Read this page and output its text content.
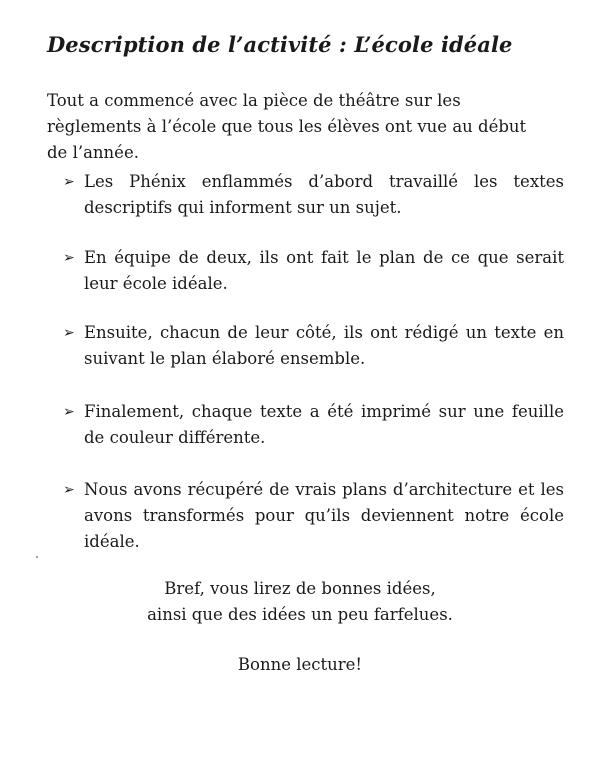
Description de l’activité : L’école idéale

Tout a commencé avec la pièce de théâtre sur les règlements à l’école que tous les élèves ont vue au début de l’année.

➢ Les Phénix enflammés d’abord travaillé les textes descriptifs qui informent sur un sujet.
➢ En équipe de deux, ils ont fait le plan de ce que serait leur école idéale.
➢ Ensuite, chacun de leur côté, ils ont rédigé un texte en suivant le plan élaboré ensemble.
➢ Finalement, chaque texte a été imprimé sur une feuille de couleur différente.
➢ Nous avons récupéré de vrais plans d’architecture et les avons transformés pour qu’ils deviennent notre école idéale.
Bref, vous lirez de bonnes idées,
ainsi que des idées un peu farfelues.
Bonne lecture!
